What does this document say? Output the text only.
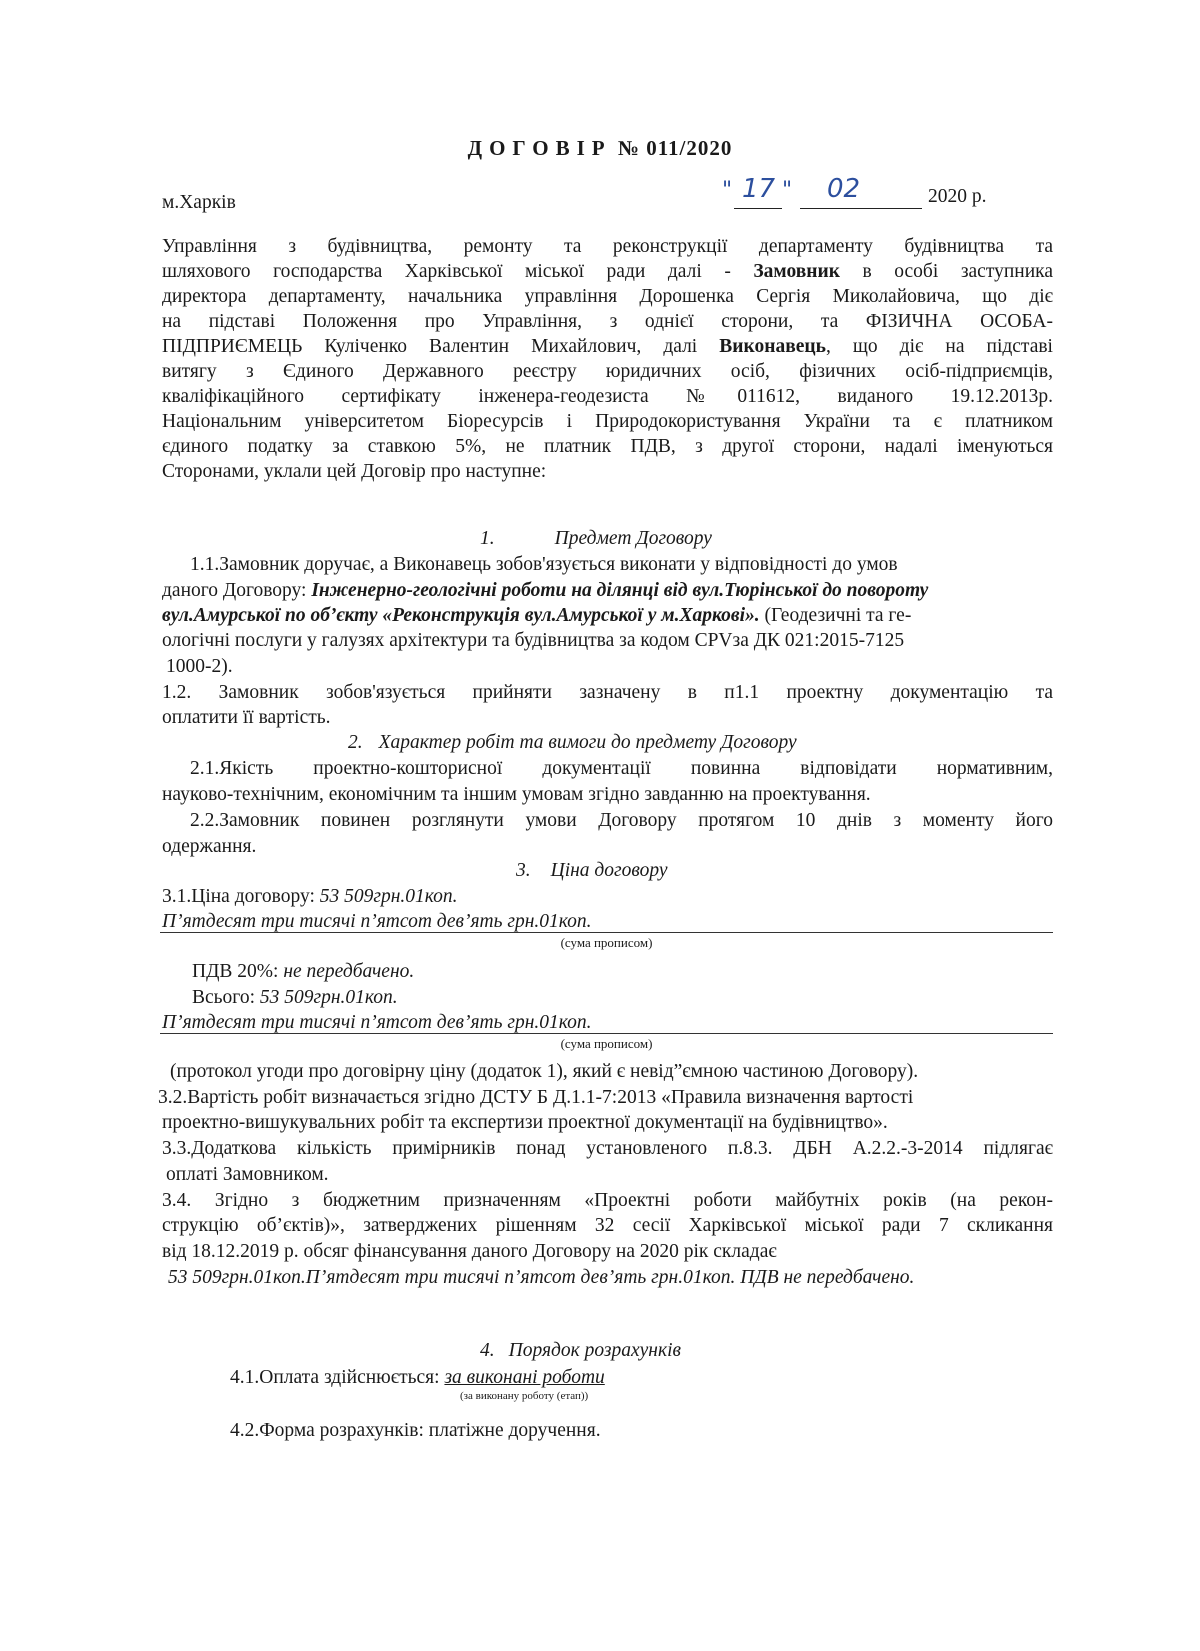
ДОГОВІР № 011/2020
м.Харків	" 17 " 02	2020 р.
Управління з будівництва, ремонту та реконструкції департаменту будівництва та
шляхового господарства Харківської міської ради далі - Замовник в особі заступника
директора департаменту, начальника управління Дорошенка Сергія Миколайовича, що діє
на підставі Положення про Управління, з однієї сторони, та ФІЗИЧНА ОСОБА-
ПІДПРИЄМЕЦЬ Куліченко Валентин Михайлович, далі Виконавець, що діє на підставі
витягу з Єдиного Державного реєстру юридичних осіб, фізичних осіб-підприємців,
кваліфікаційного сертифікату інженера-геодезиста №011612, виданого 19.12.2013р.
Національним університетом Біоресурсів і Природокористування України та є платником
єдиного податку за ставкою 5%, не платник ПДВ, з другої сторони, надалі іменуються
Сторонами, уклали цей Договір про наступне:
1.	Предмет Договору
1.1.Замовник доручає, а Виконавець зобов'язується виконати у відповідності до умов
даного Договору: Інженерно-геологічні роботи на ділянці від вул.Тюрінської до повороту
вул.Амурської по об’єкту «Реконструкція вул.Амурської у м.Харкові». (Геодезичні та ге-
ологічні послуги у галузях архітектури та будівництва за кодом CPVза ДК 021:2015-7125
1000-2).
1.2. Замовник зобов'язується прийняти зазначену в п1.1 проектну документацію та
оплатити її вартість.
2. Характер робіт та вимоги до предмету Договору
2.1.Якість проектно-кошторисної документації повинна відповідати нормативним,
науково-технічним, економічним та іншим умовам згідно завданню на проектування.
2.2.Замовник повинен розглянути умови Договору протягом 10 днів з моменту його
одержання.
3. Ціна договору
3.1.Ціна договору: 53 509грн.01коп.
П’ятдесят три тисячі п’ятсот дев’ять грн.01коп.
(сума прописом)
ПДВ 20%: не передбачено.
Всього: 53 509грн.01коп.
П’ятдесят три тисячі п’ятсот дев’ять грн.01коп.
(сума прописом)
(протокол угоди про договірну ціну (додаток 1), який є невід”ємною частиною Договору).
3.2.Вартість робіт визначається згідно ДСТУ Б Д.1.1-7:2013 «Правила визначення вартості
проектно-вишукувальних робіт та експертизи проектної документації на будівництво».
3.3.Додаткова кількість примірників понад установленого п.8.3. ДБН А.2.2.-3-2014 підлягає
оплаті Замовником.
3.4. Згідно з бюджетним призначенням «Проектні роботи майбутніх років (на рекон-
струкцію об’єктів)», затверджених рішенням 32 сесії Харківської міської ради 7 скликання
від 18.12.2019 р. обсяг фінансування даного Договору на 2020 рік складає
53 509грн.01коп.П’ятдесят три тисячі п’ятсот дев’ять грн.01коп. ПДВ не передбачено.
4. Порядок розрахунків
4.1.Оплата здійснюється: за виконані роботи
(за виконану роботу (етап))
4.2.Форма розрахунків: платіжне доручення.
